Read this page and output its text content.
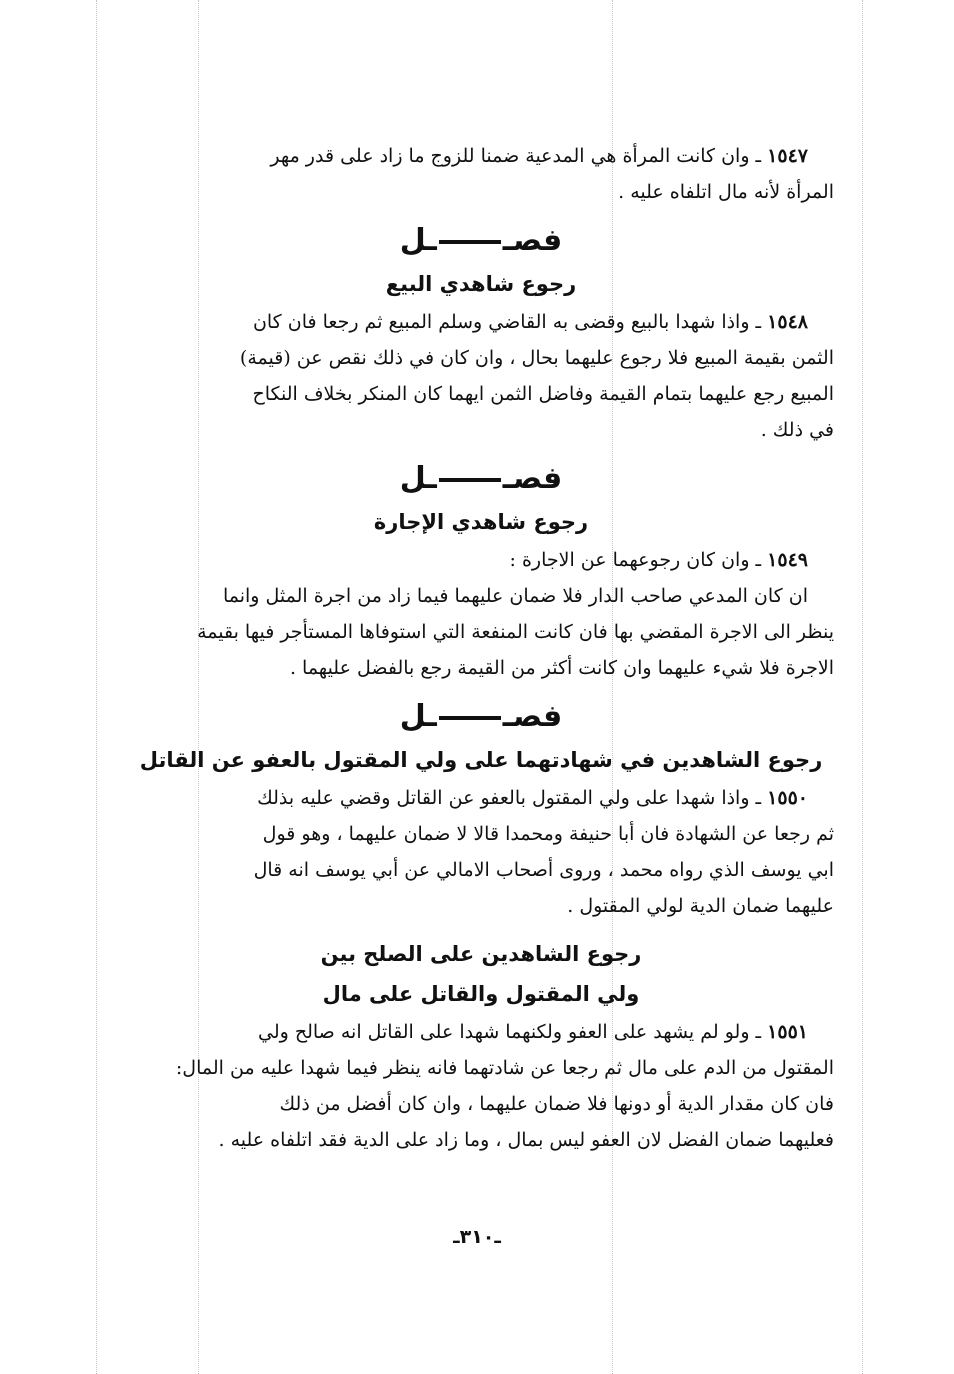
١٥٤٧ ـ وان كانت المرأة هي المدعية ضمنا للزوج ما زاد على قدر مهر

المرأة لأنه مال اتلفاه عليه .

فصــل

رجوع شاهدي البيع

١٥٤٨ ـ واذا شهدا بالبيع وقضى به القاضي وسلم المبيع ثم رجعا فان كان

الثمن بقيمة المبيع فلا رجوع عليهما بحال ، وان كان في ذلك نقص عن (قيمة)

المبيع رجع عليهما بتمام القيمة وفاضل الثمن ايهما كان المنكر بخلاف النكاح

في ذلك .

فصــل

رجوع شاهدي الإجارة

١٥٤٩ ـ وان كان رجوعهما عن الاجارة :

ان كان المدعي صاحب الدار فلا ضمان عليهما فيما زاد من اجرة المثل وانما

ينظر الى الاجرة المقضي بها فان كانت المنفعة التي استوفاها المستأجر فيها بقيمة

الاجرة فلا شيء عليهما وان كانت أكثر من القيمة رجع بالفضل عليهما .

فصــل

رجوع الشاهدين في شهادتهما على ولي المقتول بالعفو عن القاتل

١٥٥٠ ـ واذا شهدا على ولي المقتول بالعفو عن القاتل وقضي عليه بذلك

ثم رجعا عن الشهادة فان أبا حنيفة ومحمدا قالا لا ضمان عليهما ، وهو قول

ابي يوسف الذي رواه محمد ، وروى أصحاب الامالي عن أبي يوسف انه قال

عليهما ضمان الدية لولي المقتول .

رجوع الشاهدين على الصلح بين

ولي المقتول والقاتل على مال

١٥٥١ ـ ولو لم يشهد على العفو ولكنهما شهدا على القاتل انه صالح ولي

المقتول من الدم على مال ثم رجعا عن شادتهما فانه ينظر فيما شهدا عليه من المال:

فان كان مقدار الدية أو دونها فلا ضمان عليهما ، وان كان أفضل من ذلك

فعليهما ضمان الفضل لان العفو ليس بمال ، وما زاد على الدية فقد اتلفاه عليه .

ـ٣١٠ـ
